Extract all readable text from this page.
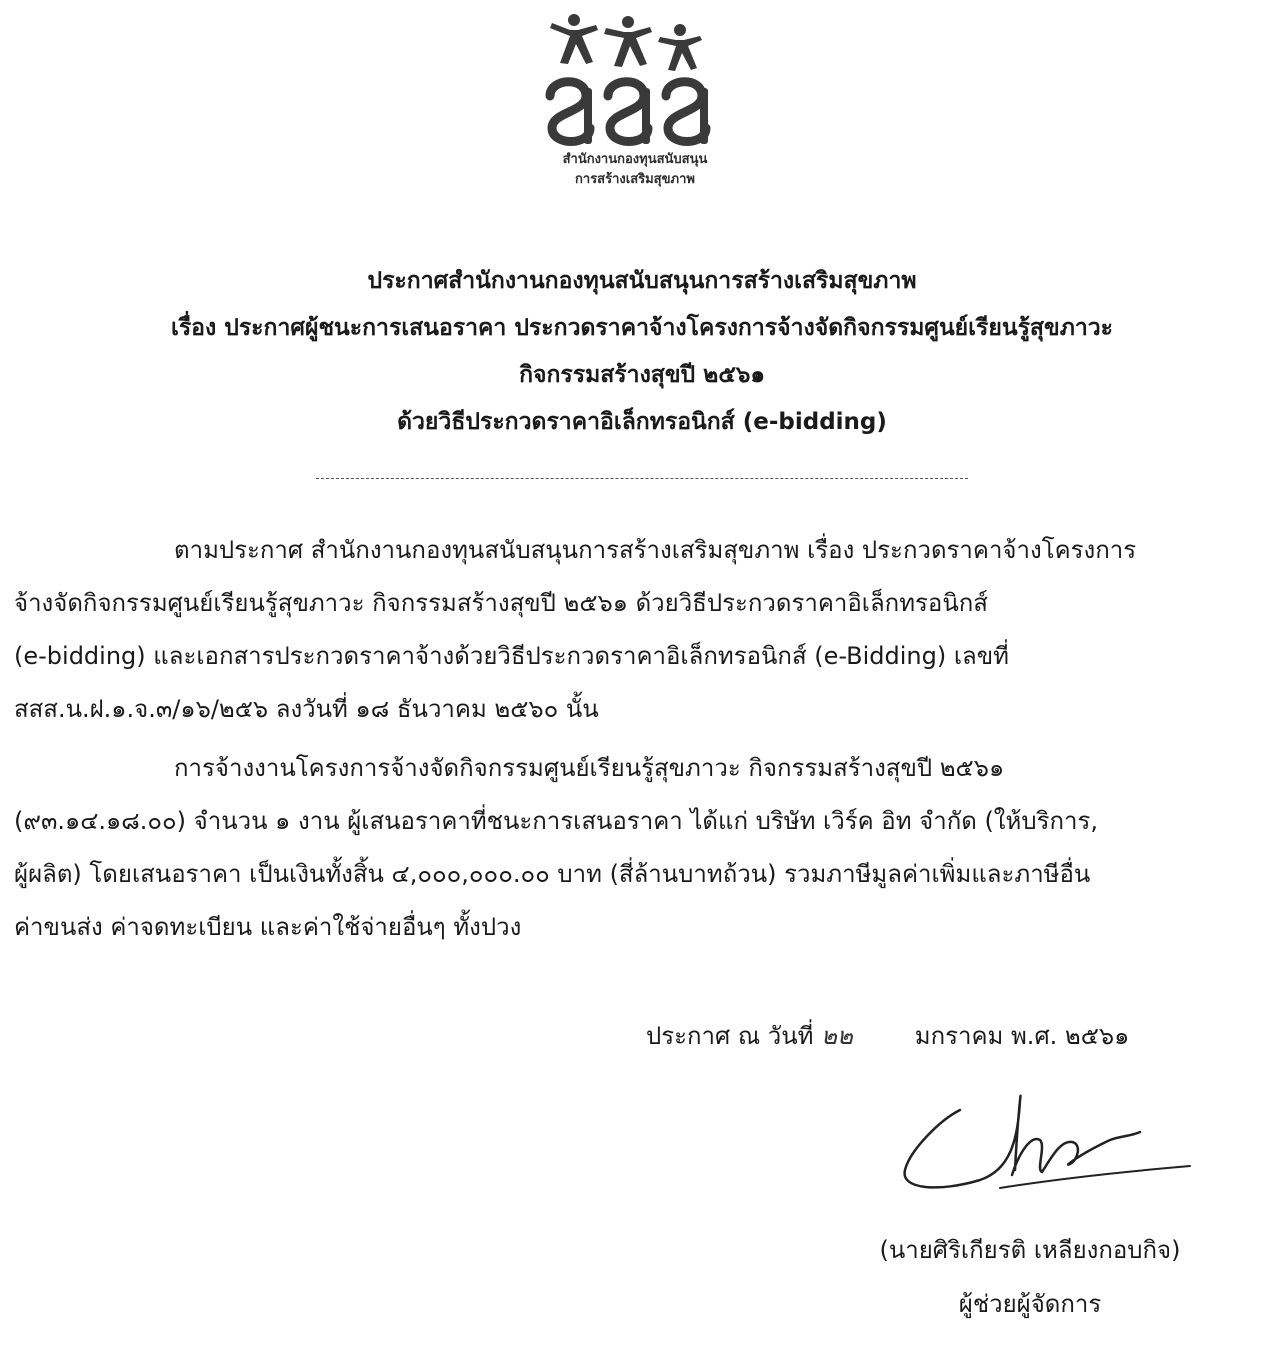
สำนักงานกองทุนสนับสนุน
การสร้างเสริมสุขภาพ
ประกาศสำนักงานกองทุนสนับสนุนการสร้างเสริมสุขภาพ
เรื่อง ประกาศผู้ชนะการเสนอราคา ประกวดราคาจ้างโครงการจ้างจัดกิจกรรมศูนย์เรียนรู้สุขภาวะ
กิจกรรมสร้างสุขปี ๒๕๖๑
ด้วยวิธีประกวดราคาอิเล็กทรอนิกส์ (e-bidding)
ตามประกาศ สำนักงานกองทุนสนับสนุนการสร้างเสริมสุขภาพ เรื่อง ประกวดราคาจ้างโครงการ
จ้างจัดกิจกรรมศูนย์เรียนรู้สุขภาวะ กิจกรรมสร้างสุขปี ๒๕๖๑ ด้วยวิธีประกวดราคาอิเล็กทรอนิกส์
(e-bidding) และเอกสารประกวดราคาจ้างด้วยวิธีประกวดราคาอิเล็กทรอนิกส์ (e-Bidding) เลขที่
สสส.น.ฝ.๑.จ.๓/๑๖/๒๕๖ ลงวันที่ ๑๘ ธันวาคม ๒๕๖๐ นั้น
การจ้างงานโครงการจ้างจัดกิจกรรมศูนย์เรียนรู้สุขภาวะ กิจกรรมสร้างสุขปี ๒๕๖๑
(๙๓.๑๔.๑๘.๐๐) จำนวน ๑ งาน ผู้เสนอราคาที่ชนะการเสนอราคา ได้แก่ บริษัท เวิร์ค อิท จำกัด (ให้บริการ,
ผู้ผลิต) โดยเสนอราคา เป็นเงินทั้งสิ้น ๔,๐๐๐,๐๐๐.๐๐ บาท (สี่ล้านบาทถ้วน) รวมภาษีมูลค่าเพิ่มและภาษีอื่น
ค่าขนส่ง ค่าจดทะเบียน และค่าใช้จ่ายอื่นๆ ทั้งปวง
ประกาศ ณ วันที่ ๒๒	มกราคม พ.ศ. ๒๕๖๑
(นายศิริเกียรติ เหลียงกอบกิจ)
ผู้ช่วยผู้จัดการ
